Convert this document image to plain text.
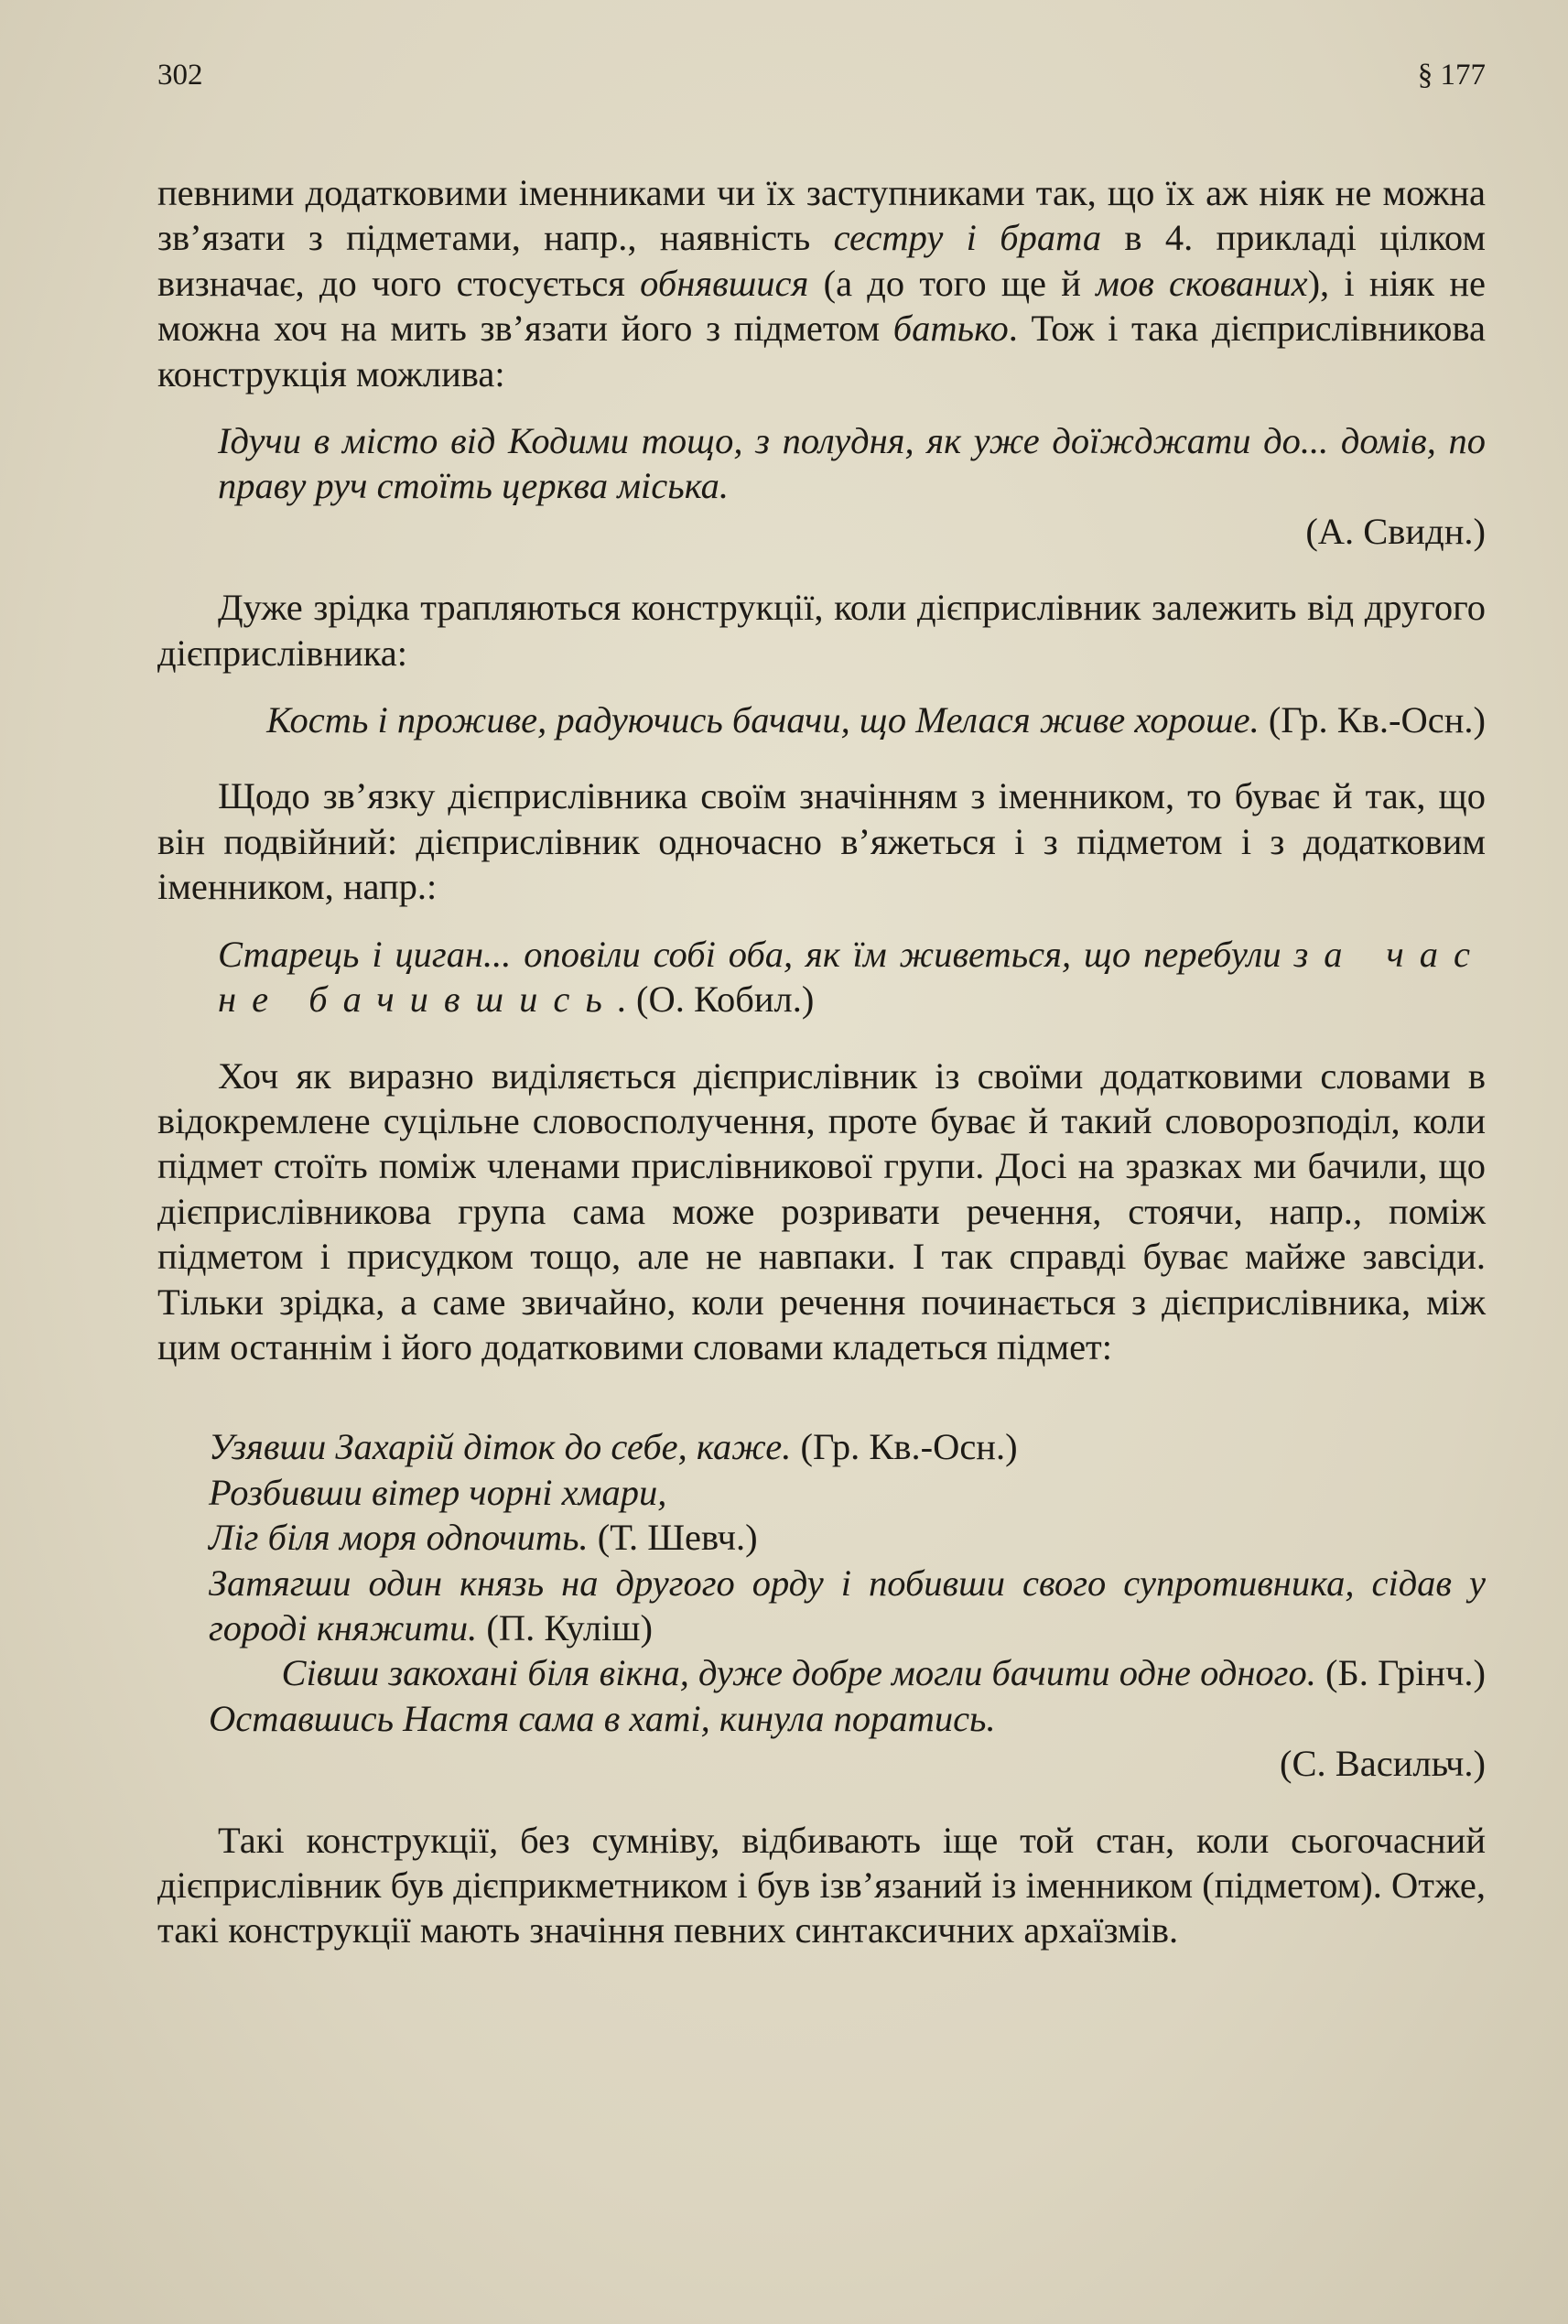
302	§ 177

певними додатковими іменниками чи їх заступниками так, що їх аж ніяк не можна зв’язати з підметами, напр., наявність сестру і брата в 4. прикладі цілком визначає, до чого стосується обнявшися (а до того ще й мов скованих), і ніяк не можна хоч на мить зв’язати його з підметом батько. Тож і така дієприслівникова конструкція можлива:

Ідучи в місто від Кодими тощо, з полудня, як уже доїжджати до... домів, по праву руч стоїть церква міська.
(А. Свидн.)

Дуже зрідка трапляються конструкції, коли дієприслівник залежить від другого дієприслівника:

Кость і проживе, радуючись бачачи, що Мелася живе хороше. (Гр. Кв.-Осн.)

Щодо зв’язку дієприслівника своїм значінням з іменником, то буває й так, що він подвійний: дієприслівник одночасно в’яжеться і з підметом і з додатковим іменником, напр.:

Старець і циган... оповіли собі оба, як їм живеться, що перебули за час не бачившись. (О. Кобил.)

Хоч як виразно виділяється дієприслівник із своїми додатковими словами в відокремлене суцільне словосполучення, проте буває й такий словорозподіл, коли підмет стоїть поміж членами прислівникової групи. Досі на зразках ми бачили, що дієприслівникова група сама може розривати речення, стоячи, напр., поміж підметом і присудком тощо, але не навпаки. І так справді буває майже завсіди. Тільки зрідка, а саме звичайно, коли речення починається з дієприслівника, між цим останнім і його додатковими словами кладеться підмет:

Узявши Захарій діток до себе, каже. (Гр. Кв.-Осн.)
Розбивши вітер чорні хмари,
Ліг біля моря одпочить. (Т. Шевч.)
Затягши один князь на другого орду і побивши свого супротивника, сідав у городі княжити. (П. Куліш)
Сівши закохані біля вікна, дуже добре могли бачити одне одного. (Б. Грінч.)
Оставшись Настя сама в хаті, кинула поратись.
(С. Васильч.)

Такі конструкції, без сумніву, відбивають іще той стан, коли сьогочасний дієприслівник був дієприкметником і був ізв’язаний із іменником (підметом). Отже, такі конструкції мають значіння певних синтаксичних архаїзмів.
